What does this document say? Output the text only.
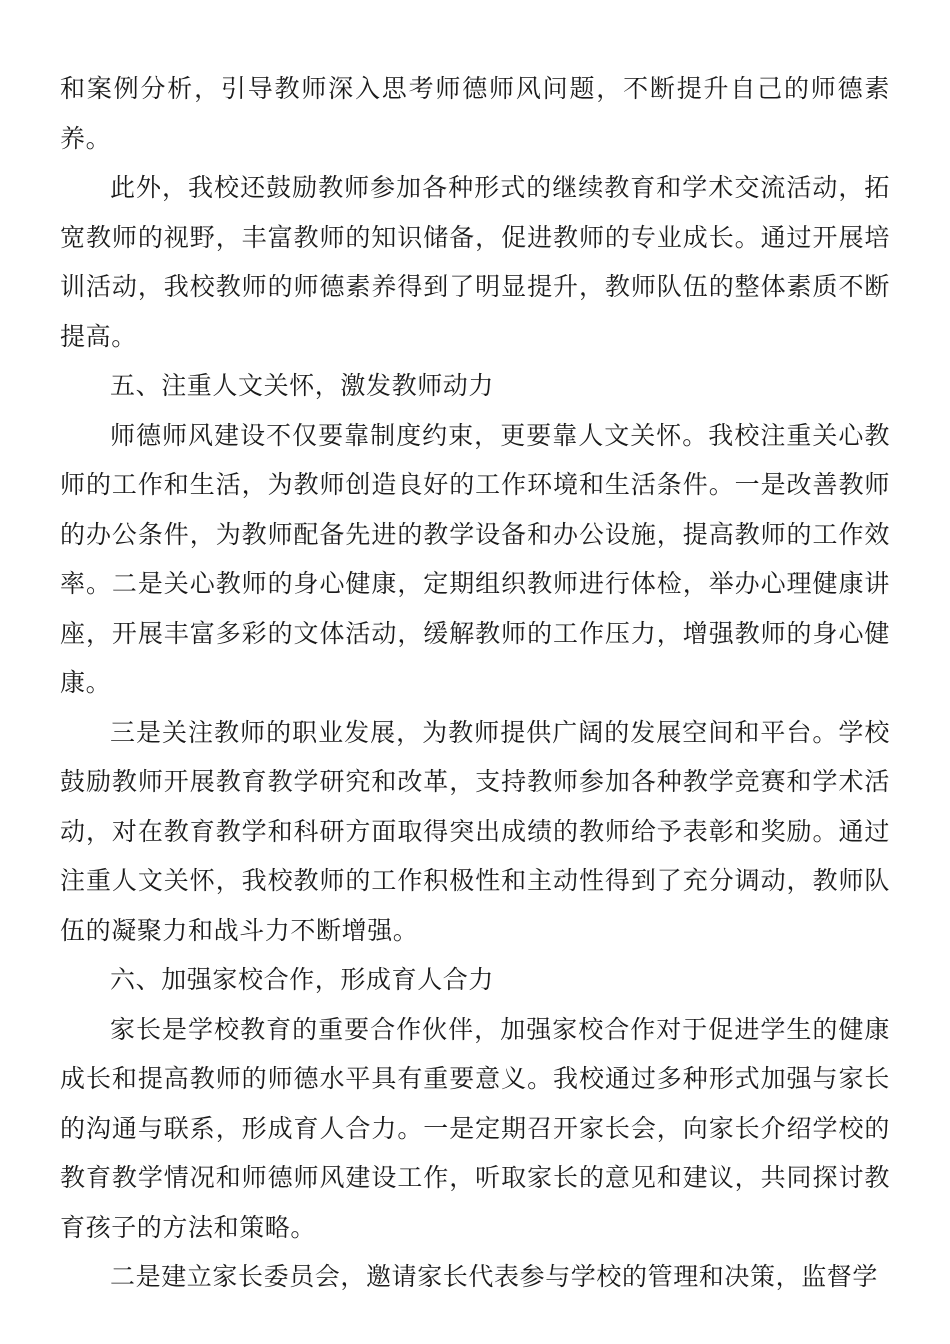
和案例分析，引导教师深入思考师德师风问题，不断提升自己的师德素养。

此外，我校还鼓励教师参加各种形式的继续教育和学术交流活动，拓宽教师的视野，丰富教师的知识储备，促进教师的专业成长。通过开展培训活动，我校教师的师德素养得到了明显提升，教师队伍的整体素质不断提高。

五、注重人文关怀，激发教师动力

师德师风建设不仅要靠制度约束，更要靠人文关怀。我校注重关心教师的工作和生活，为教师创造良好的工作环境和生活条件。一是改善教师的办公条件，为教师配备先进的教学设备和办公设施，提高教师的工作效率。二是关心教师的身心健康，定期组织教师进行体检，举办心理健康讲座，开展丰富多彩的文体活动，缓解教师的工作压力，增强教师的身心健康。

三是关注教师的职业发展，为教师提供广阔的发展空间和平台。学校鼓励教师开展教育教学研究和改革，支持教师参加各种教学竞赛和学术活动，对在教育教学和科研方面取得突出成绩的教师给予表彰和奖励。通过注重人文关怀，我校教师的工作积极性和主动性得到了充分调动，教师队伍的凝聚力和战斗力不断增强。

六、加强家校合作，形成育人合力

家长是学校教育的重要合作伙伴，加强家校合作对于促进学生的健康成长和提高教师的师德水平具有重要意义。我校通过多种形式加强与家长的沟通与联系，形成育人合力。一是定期召开家长会，向家长介绍学校的教育教学情况和师德师风建设工作，听取家长的意见和建议，共同探讨教育孩子的方法和策略。

二是建立家长委员会，邀请家长代表参与学校的管理和决策，监督学
